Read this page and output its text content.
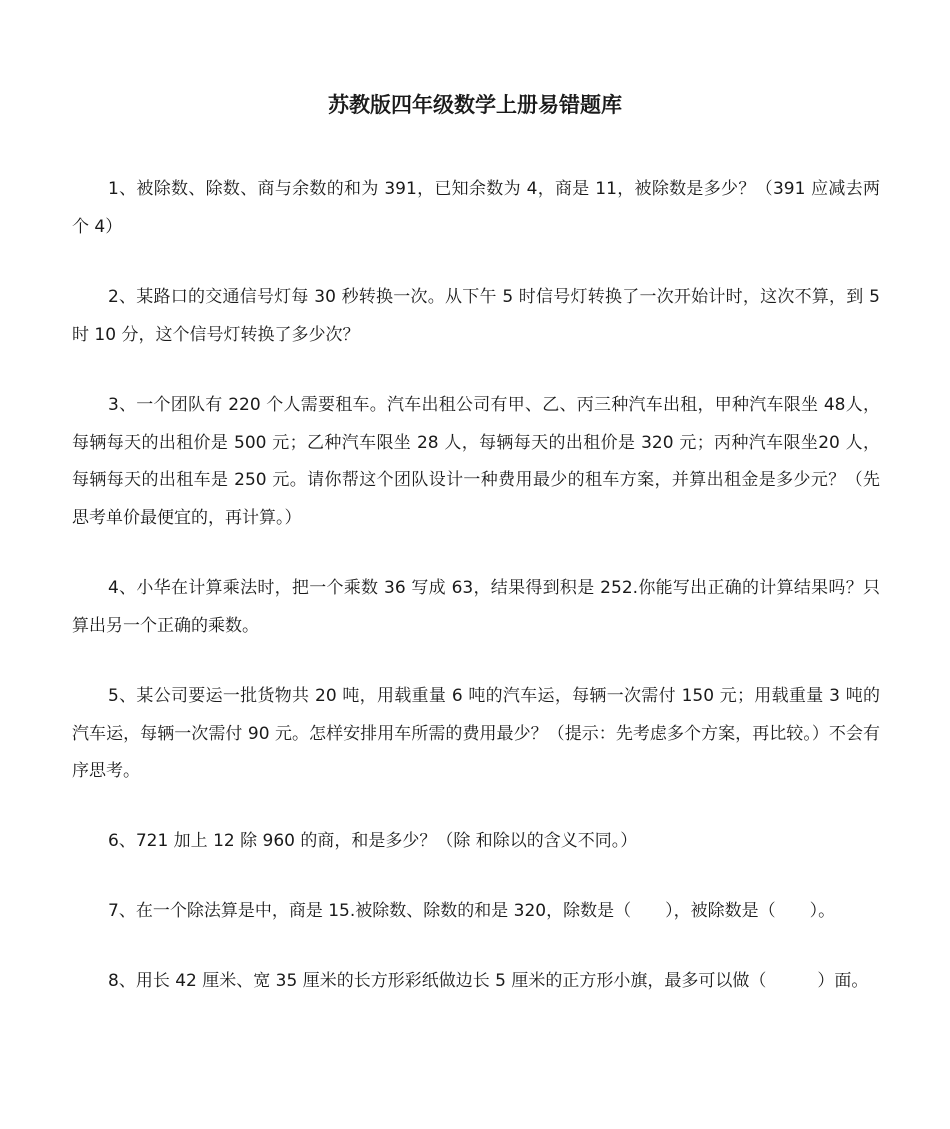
苏教版四年级数学上册易错题库

1、被除数、除数、商与余数的和为 391，已知余数为 4，商是 11，被除数是多少？（391 应减去两个 4）

2、某路口的交通信号灯每 30 秒转换一次。从下午 5 时信号灯转换了一次开始计时，这次不算，到 5 时 10 分，这个信号灯转换了多少次？

3、一个团队有 220 个人需要租车。汽车出租公司有甲、乙、丙三种汽车出租，甲种汽车限坐 48人，每辆每天的出租价是 500 元；乙种汽车限坐 28 人，每辆每天的出租价是 320 元；丙种汽车限坐20 人，每辆每天的出租车是 250 元。请你帮这个团队设计一种费用最少的租车方案，并算出租金是多少元？（先思考单价最便宜的，再计算。）

4、小华在计算乘法时，把一个乘数 36 写成 63，结果得到积是 252.你能写出正确的计算结果吗？只算出另一个正确的乘数。

5、某公司要运一批货物共 20 吨，用载重量 6 吨的汽车运，每辆一次需付 150 元；用载重量 3 吨的汽车运，每辆一次需付 90 元。怎样安排用车所需的费用最少？（提示：先考虑多个方案，再比较。）不会有序思考。

6、721 加上 12 除 960 的商，和是多少？（除 和除以的含义不同。）

7、在一个除法算是中，商是 15.被除数、除数的和是 320，除数是（　　），被除数是（　　）。

8、用长 42 厘米、宽 35 厘米的长方形彩纸做边长 5 厘米的正方形小旗，最多可以做（　　　）面。
